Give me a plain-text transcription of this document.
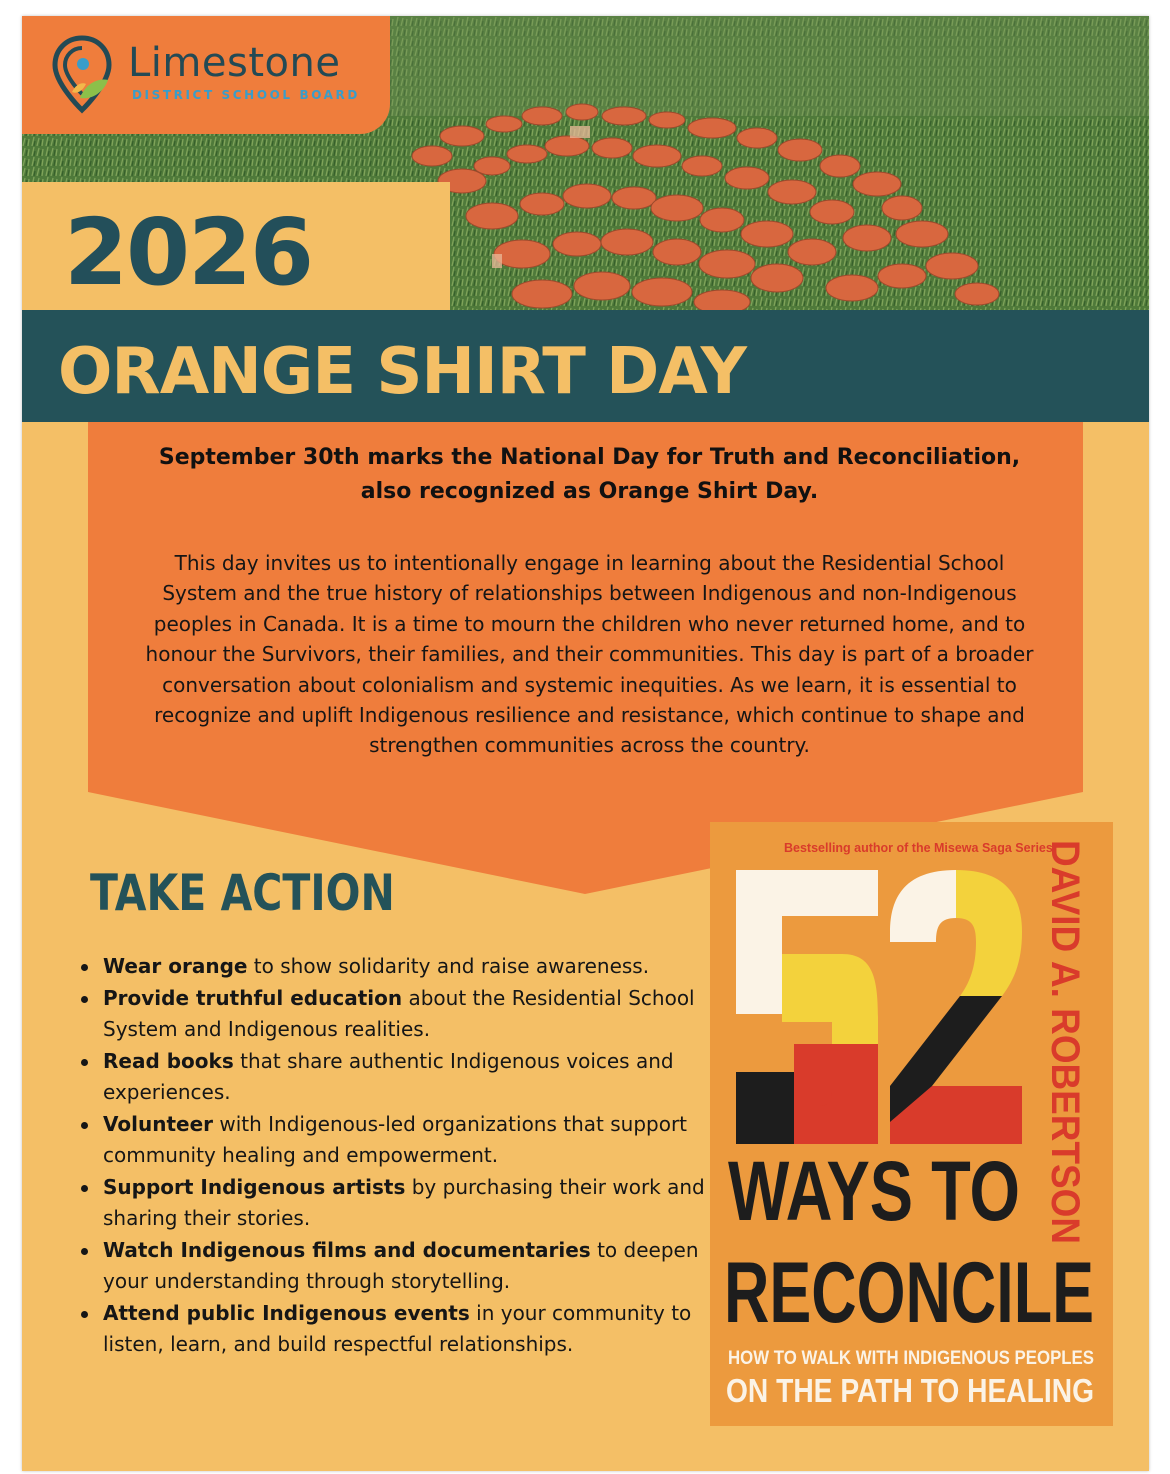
Limestone
DISTRICT SCHOOL BOARD
2026
ORANGE SHIRT DAY
September 30th marks the National Day for Truth and Reconciliation, also recognized as Orange Shirt Day.
This day invites us to intentionally engage in learning about the Residential School System and the true history of relationships between Indigenous and non-Indigenous peoples in Canada. It is a time to mourn the children who never returned home, and to honour the Survivors, their families, and their communities. This day is part of a broader conversation about colonialism and systemic inequities. As we learn, it is essential to recognize and uplift Indigenous resilience and resistance, which continue to shape and strengthen communities across the country.
TAKE ACTION
Wear orange to show solidarity and raise awareness.
Provide truthful education about the Residential School System and Indigenous realities.
Read books that share authentic Indigenous voices and experiences.
Volunteer with Indigenous-led organizations that support community healing and empowerment.
Support Indigenous artists by purchasing their work and sharing their stories.
Watch Indigenous films and documentaries to deepen your understanding through storytelling.
Attend public Indigenous events in your community to listen, learn, and build respectful relationships.
Bestselling author of the Misewa Saga Series
WAYS TO
RECONCILE
HOW TO WALK WITH INDIGENOUS PEOPLES
ON THE PATH TO HEALING
DAVID A. ROBERTSON
